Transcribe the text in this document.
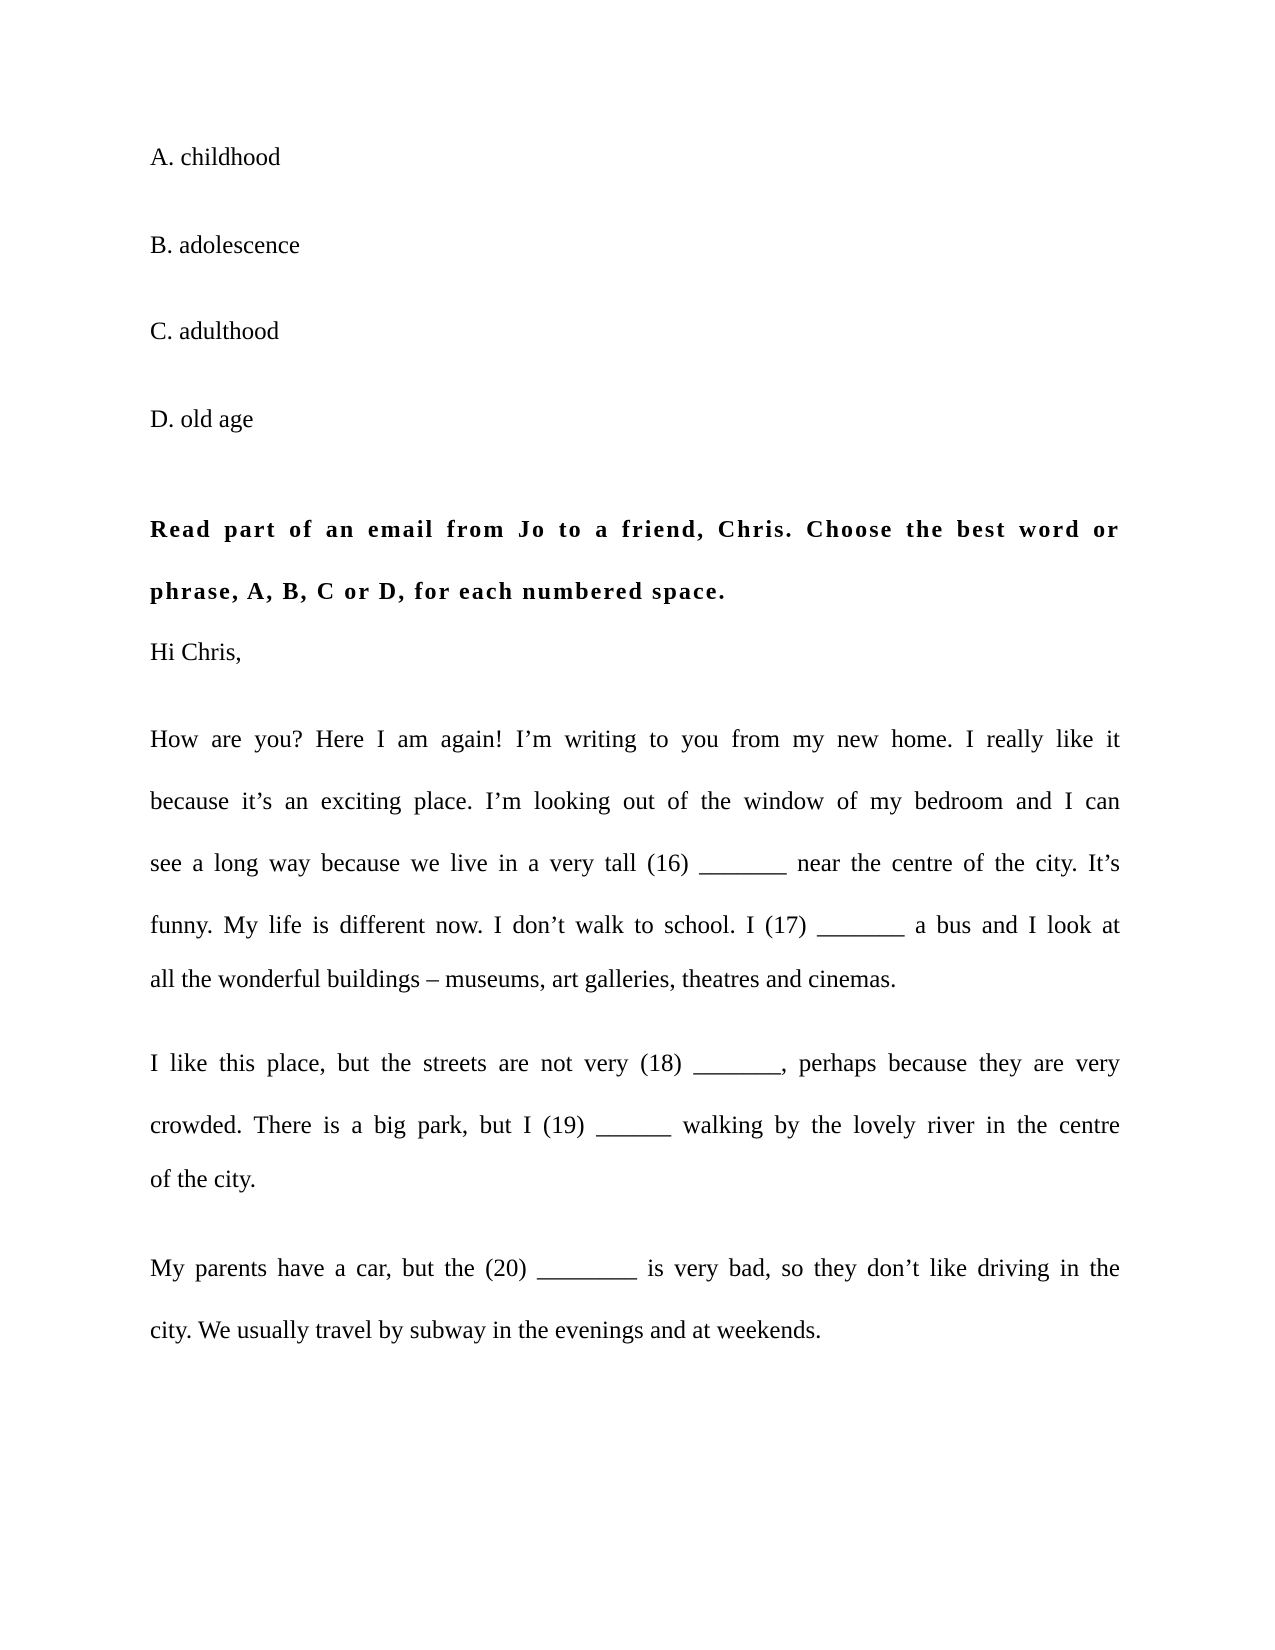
A. childhood
B. adolescence
C. adulthood
D. old age
Read part of an email from Jo to a friend, Chris. Choose the best word or phrase, A, B, C or D, for each numbered space.
Hi Chris,
How are you? Here I am again! I’m writing to you from my new home. I really like it
because it’s an exciting place. I’m looking out of the window of my bedroom and I can
see a long way because we live in a very tall (16) _______ near the centre of the city. It’s
funny. My life is different now. I don’t walk to school. I (17) _______ a bus and I look at
all the wonderful buildings – museums, art galleries, theatres and cinemas.
I like this place, but the streets are not very (18) _______, perhaps because they are very
crowded. There is a big park, but I (19) ______ walking by the lovely river in the centre
of the city.
My parents have a car, but the (20) ________ is very bad, so they don’t like driving in the
city. We usually travel by subway in the evenings and at weekends.
